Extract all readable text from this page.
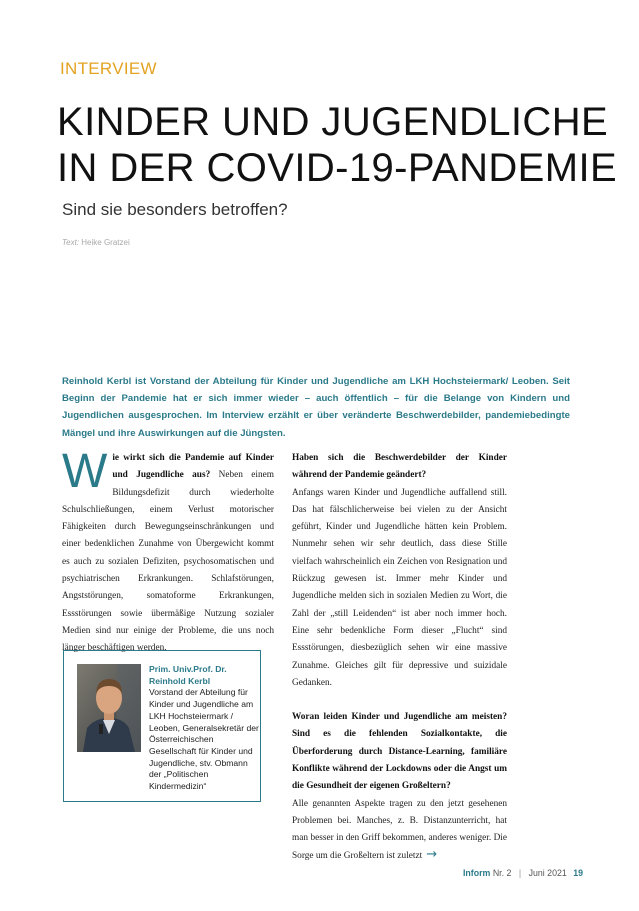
INTERVIEW
KINDER UND JUGENDLICHE
IN DER COVID-19-PANDEMIE
Sind sie besonders betroffen?
Text: Heike Gratzei
Reinhold Kerbl ist Vorstand der Abteilung für Kinder und Jugendliche am LKH Hochsteiermark/ Leoben. Seit Beginn der Pandemie hat er sich immer wieder – auch öffentlich – für die Belange von Kindern und Jugendlichen ausgesprochen. Im Interview erzählt er über veränderte Beschwerdebilder, pandemiebedingte Mängel und ihre Auswirkungen auf die Jüngsten.
W ie wirkt sich die Pandemie auf Kinder und Jugendliche aus? Neben einem Bildungsdefizit durch wiederholte Schulschließungen, einem Verlust motorischer Fähigkeiten durch Bewegungseinschränkungen und einer bedenklichen Zunahme von Übergewicht kommt es auch zu sozialen Defiziten, psychosomatischen und psychiatrischen Erkrankungen. Schlafstörungen, Angststörungen, somatoforme Erkrankungen, Essstörungen sowie übermäßige Nutzung sozialer Medien sind nur einige der Probleme, die uns noch länger beschäftigen werden.
Prim. Univ.Prof. Dr.
Reinhold Kerbl
Vorstand der Abteilung für Kinder und Jugendliche am LKH Hochsteiermark / Leoben, Generalsekretär der Österreichischen Gesellschaft für Kinder und Jugendliche, stv. Obmann der „Politischen Kindermedizin“
Haben sich die Beschwerdebilder der Kinder während der Pandemie geändert?
Anfangs waren Kinder und Jugendliche auffallend still. Das hat fälschlicherweise bei vielen zu der Ansicht geführt, Kinder und Jugendliche hätten kein Problem. Nunmehr sehen wir sehr deutlich, dass diese Stille vielfach wahrscheinlich ein Zeichen von Resignation und Rückzug gewesen ist. Immer mehr Kinder und Jugendliche melden sich in sozialen Medien zu Wort, die Zahl der „still Leidenden“ ist aber noch immer hoch. Eine sehr bedenkliche Form dieser „Flucht“ sind Essstörungen, diesbezüglich sehen wir eine massive Zunahme. Gleiches gilt für depressive und suizidale Gedanken.
Woran leiden Kinder und Jugendliche am meisten? Sind es die fehlenden Sozialkontakte, die Überforderung durch Distance-Learning, familiäre Konflikte während der Lockdowns oder die Angst um die Gesundheit der eigenen Großeltern?
Alle genannten Aspekte tragen zu den jetzt gesehenen Problemen bei. Manches, z. B. Distanzunterricht, hat man besser in den Griff bekommen, anderes weniger. Die Sorge um die Großeltern ist zuletzt →
Inform Nr. 2 | Juni 2021 19
